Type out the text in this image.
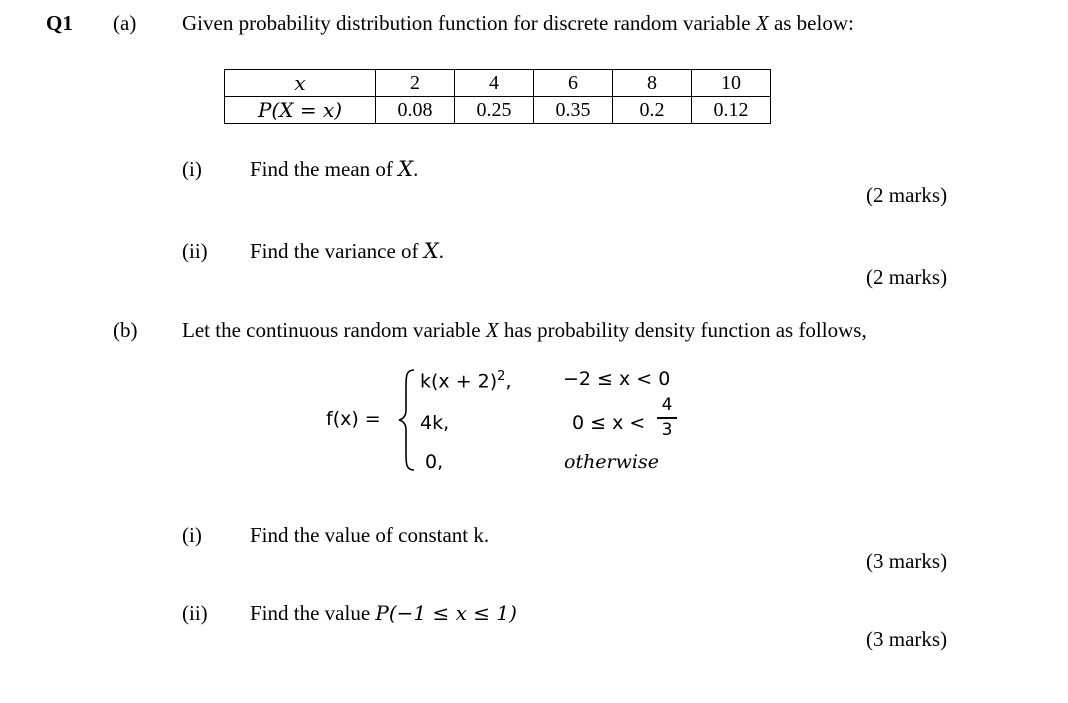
Q1 (a) Given probability distribution function for discrete random variable X as below:
x	2	4	6	8	10
P(X = x)	0.08	0.25	0.35	0.2	0.12
(i) Find the mean of X.
(2 marks)
(ii) Find the variance of X.
(2 marks)
(b) Let the continuous random variable X has probability density function as follows,
f(x) =
$k(x + 2)^2$,	−2 ≤ x < 0
4k,	0 ≤ x <
4
3
0,	otherwise
(i) Find the value of constant k.
(3 marks)
(ii) Find the value P(−1 ≤ x ≤ 1)
(3 marks)
